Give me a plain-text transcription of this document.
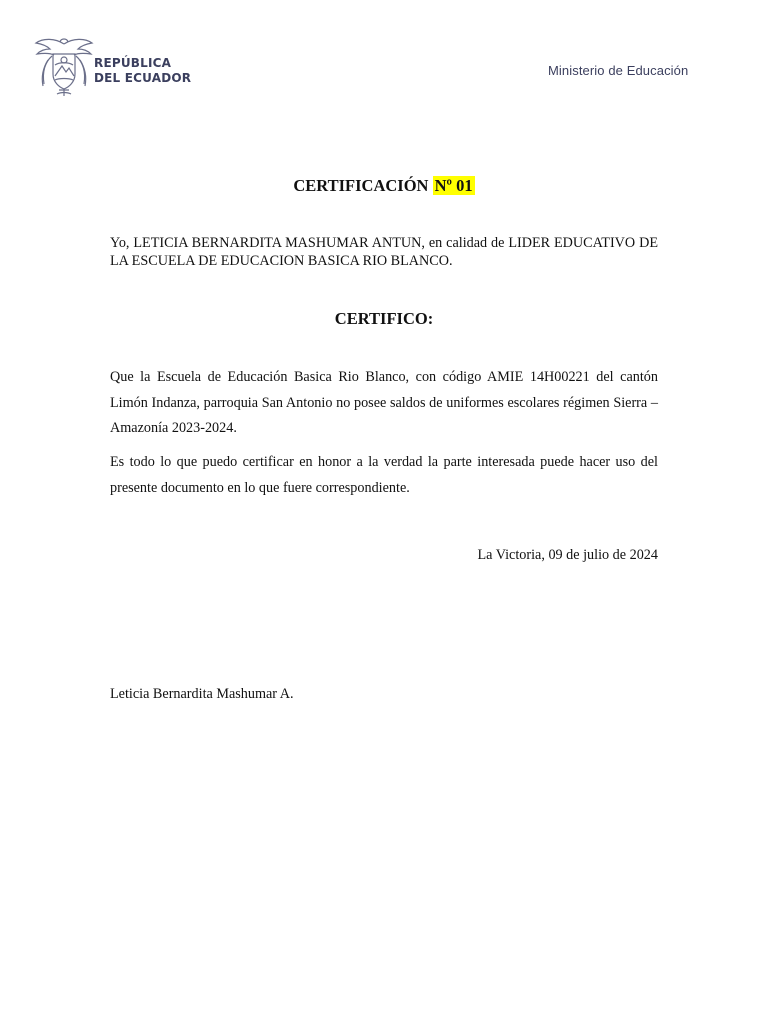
REPÚBLICA
DEL ECUADOR	Ministerio de Educación
CERTIFICACIÓN Nº 01
Yo, LETICIA BERNARDITA MASHUMAR ANTUN, en calidad de LIDER EDUCATIVO DE LA ESCUELA DE EDUCACION BASICA RIO BLANCO.
CERTIFICO:
Que la Escuela de Educación Basica Rio Blanco, con código AMIE 14H00221 del cantón Limón Indanza, parroquia San Antonio no posee saldos de uniformes escolares régimen Sierra – Amazonía 2023-2024.
Es todo lo que puedo certificar en honor a la verdad la parte interesada puede hacer uso del presente documento en lo que fuere correspondiente.
La Victoria, 09 de julio de 2024
Leticia Bernardita Mashumar A.
